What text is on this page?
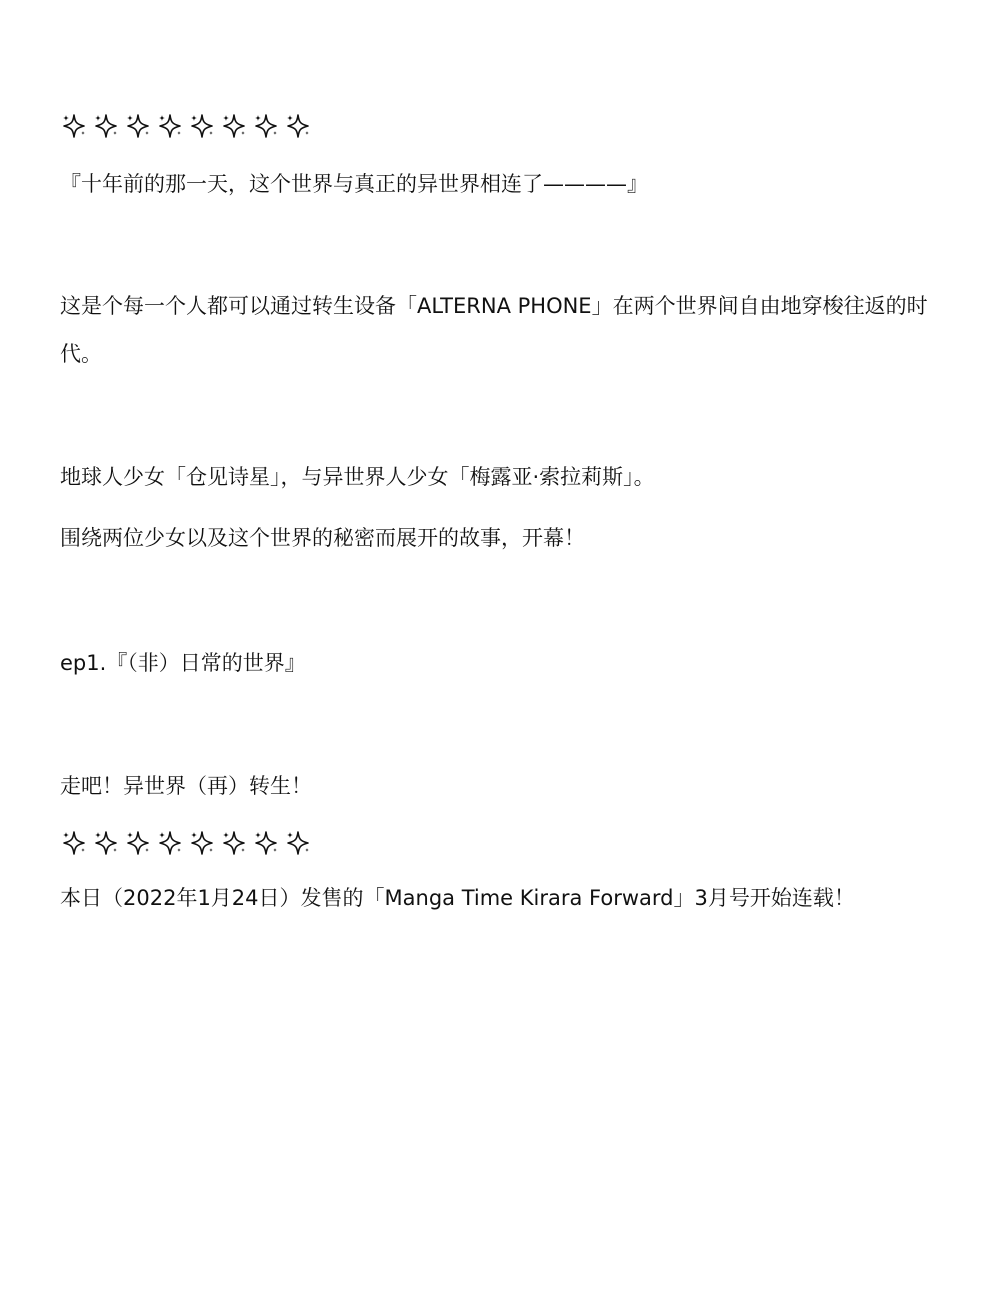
『十年前的那一天，这个世界与真正的异世界相连了————』
这是个每一个人都可以通过转生设备「ALTERNA PHONE」在两个世界间自由地穿梭往返的时代。
地球人少女「仓见诗星」，与异世界人少女「梅露亚·索拉莉斯」。
围绕两位少女以及这个世界的秘密而展开的故事，开幕！
ep1.『（非）日常的世界』
走吧！异世界（再）转生！
本日（2022年1月24日）发售的「Manga Time Kirara Forward」3月号开始连载！
